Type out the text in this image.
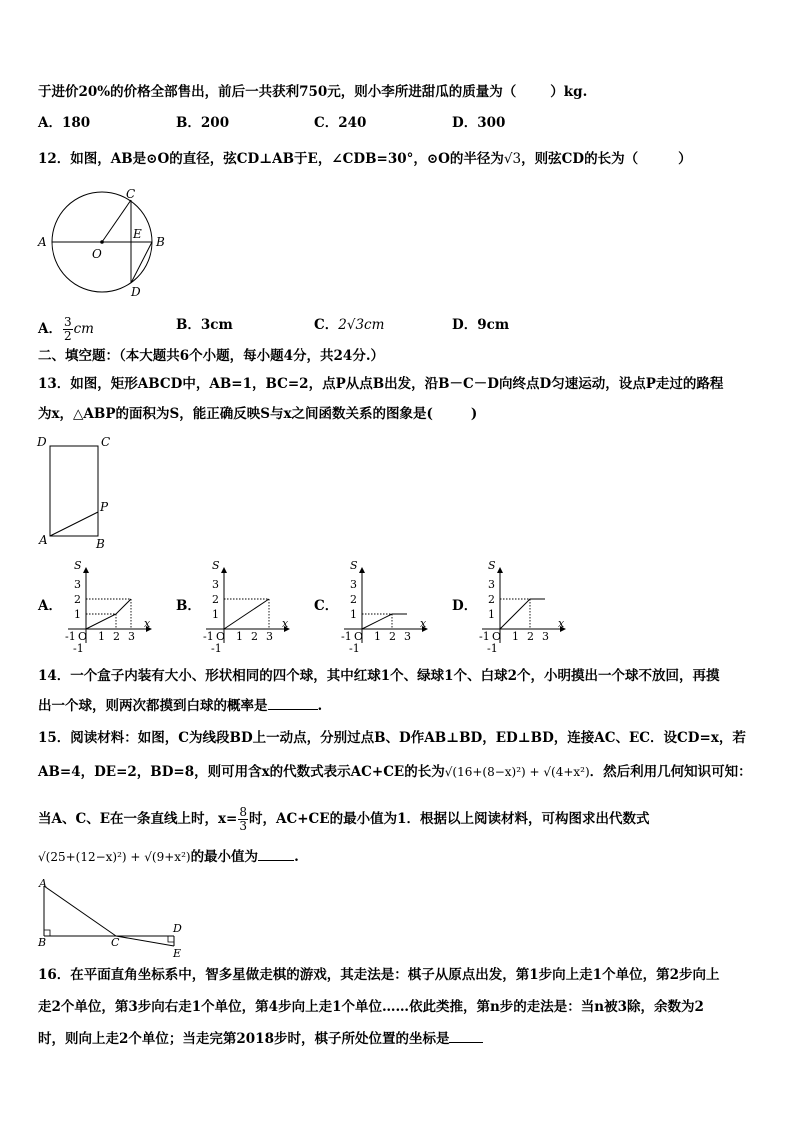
于进价20%的价格全部售出，前后一共获利750元，则小李所进甜瓜的质量为（	）kg.
A．180	B．200	C．240	D．300
12．如图，AB是⊙O的直径，弦CD⊥AB于E，∠CDB=30°，⊙O的半径为√3，则弦CD的长为（	）
A	B
C
D
E
O
A． $\frac{3}{2}$ cm	B．3cm	C．2√3cm	D．9cm
二、填空题：（本大题共6个小题，每小题4分，共24分.）
13．如图，矩形ABCD中，AB=1，BC=2，点P从点B出发，沿B－C－D向终点D匀速运动，设点P走过的路程
为x，△ABP的面积为S，能正确反映S与x之间函数关系的图象是(	)
D	C
A	B
P
A．	B．	C．	D．
S
x
-1 O
-1
1
2
3
1 2 3
S
x
-1 O
-1
1
2
3
1 2 3
S
x
-1 O
-1
1
2
3
1 2 3
S
x
-1 O
-1
1
2
3
1 2 3
14．一个盒子内装有大小、形状相同的四个球，其中红球1个、绿球1个、白球2个，小明摸出一个球不放回，再摸
出一个球，则两次都摸到白球的概率是	.
15．阅读材料：如图，C为线段BD上一动点，分别过点B、D作AB⊥BD，ED⊥BD，连接AC、EC．设CD=x，若
AB=4，DE=2，BD=8，则可用含x的代数式表示AC+CE的长为√(16+(8−x)²) + √(4+x²)．然后利用几何知识可知：
当A、C、E在一条直线上时，$x= \frac{8}{3}$ 时，AC+CE的最小值为1．根据以上阅读材料，可构图求出代数式
√(25+(12−x)²) + √(9+x²)的最小值为	.
A
B	C
D
E
16．在平面直角坐标系中，智多星做走棋的游戏，其走法是：棋子从原点出发，第1步向上走1个单位，第2步向上
走2个单位，第3步向右走1个单位，第4步向上走1个单位……依此类推，第n步的走法是：当n被3除，余数为2
时，则向上走2个单位；当走完第2018步时，棋子所处位置的坐标是
